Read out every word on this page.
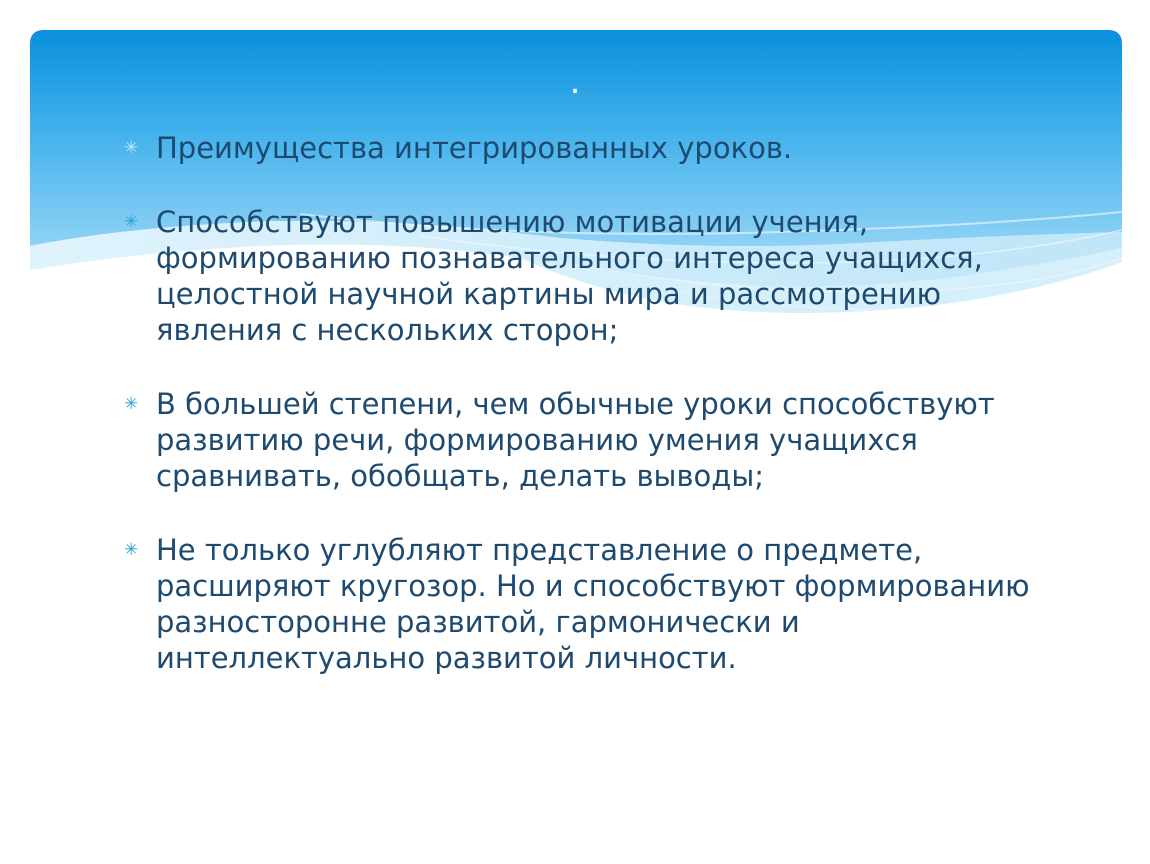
.
✳ Преимущества интегрированных уроков.
✳ Способствуют повышению мотивации учения, формированию познавательного интереса учащихся, целостной научной картины мира и рассмотрению явления с нескольких сторон;
✳ В большей степени, чем обычные уроки способствуют развитию речи, формированию умения учащихся сравнивать, обобщать, делать выводы;
✳ Не только углубляют представление о предмете, расширяют кругозор. Но и способствуют формированию разносторонне развитой, гармонически и интеллектуально развитой личности.
